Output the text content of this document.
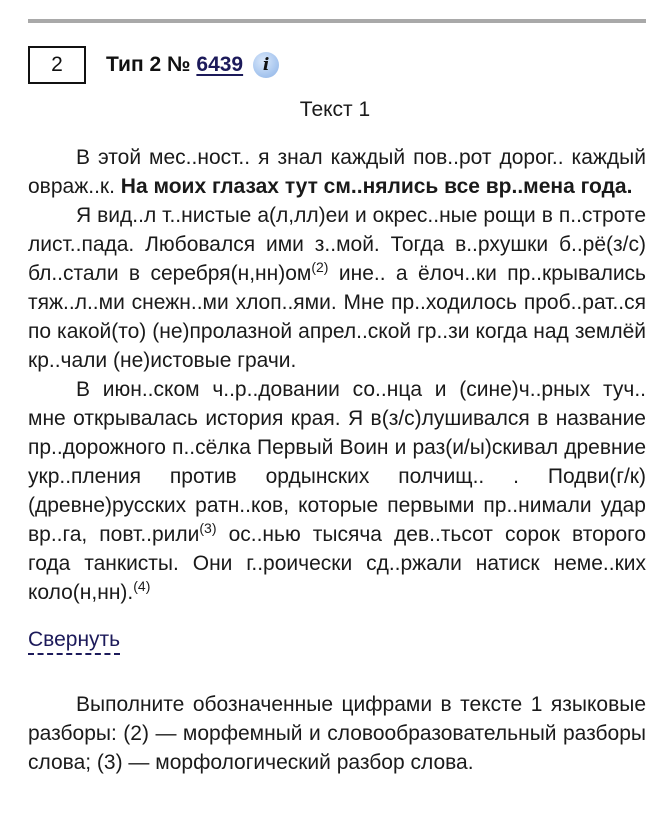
2 Тип 2 № 6439	i
Текст 1

В этой мес..ност.. я знал каждый пов..рот дорог.. каждый овраж..к. На моих глазах тут см..нялись все вр..мена года.

Я вид..л т..нистые а(л,лл)еи и окрес..ные рощи в п..строте лист..пада. Любовался ими з..мой. Тогда в..рхушки б..рё(з/с) бл..стали в $серебря(н,нн)ом^{(2)}$ ине.. а ёлоч..ки пр..крывались тяж..л..ми снежн..ми хлоп..ями. Мне пр..ходилось проб..рат..ся по какой(то) (не)пролазной апрел..ской гр..зи когда над землёй кр..чали (не)истовые грачи.

В июн..ском ч..р..довании со..нца и (сине)ч..рных туч.. мне открывалась история края. Я в(з/с)лушивался в название пр..дорожного п..сёлка Первый Воин и раз(и/ы)скивал древние укр..пления против ордынских полчищ.. . Подви(г/к) (древне)русских ратн..ков, которые первыми пр..нимали удар вр..га, повт..рили$^{(3)}$ ос..нью тысяча дев..тьсот сорок второго года танкисты. Они г..роически сд..ржали натиск неме..ких коло(н,нн).$^{(4)}$

Свернуть

Выполните обозначенные цифрами в тексте 1 языковые разборы: (2) — морфемный и словообразовательный разборы слова; (3) — морфологический разбор слова.
